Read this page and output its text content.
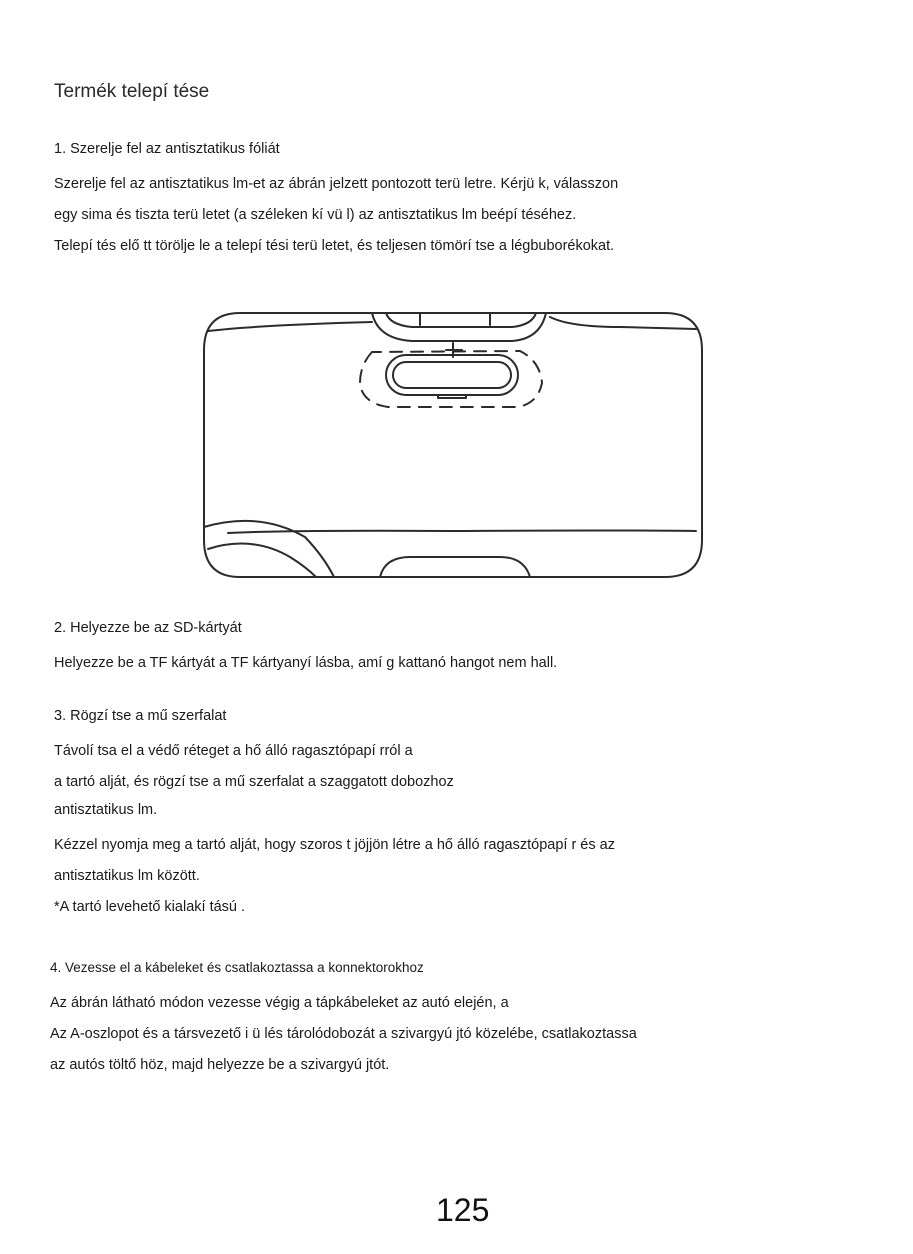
Termék telepí tése
1. Szerelje fel az antisztatikus fóliát
Szerelje fel az antisztatikus lm-et az ábrán jelzett pontozott terü letre. Kérjü k, válasszon
egy sima és tiszta terü letet (a széleken kí vü l) az antisztatikus lm beépí téséhez.
Telepí tés elő tt törölje le a telepí tési terü letet, és teljesen tömörí tse a légbuborékokat.
2. Helyezze be az SD-kártyát
Helyezze be a TF kártyát a TF kártyanyí lásba, amí g kattanó hangot nem hall.
3. Rögzí tse a mű szerfalat
Távolí tsa el a védő réteget a hő álló ragasztópapí rról a
a tartó alját, és rögzí tse a mű szerfalat a szaggatott dobozhoz
antisztatikus lm.
Kézzel nyomja meg a tartó alját, hogy szoros t jöjjön létre a hő álló ragasztópapí r és az
antisztatikus lm között.
*A tartó levehető kialakí tású .
4. Vezesse el a kábeleket és csatlakoztassa a konnektorokhoz
Az ábrán látható módon vezesse végig a tápkábeleket az autó elején, a
Az A-oszlopot és a társvezető i ü lés tárolódobozát a szivargyú jtó közelébe, csatlakoztassa
az autós töltő höz, majd helyezze be a szivargyú jtót.
125
